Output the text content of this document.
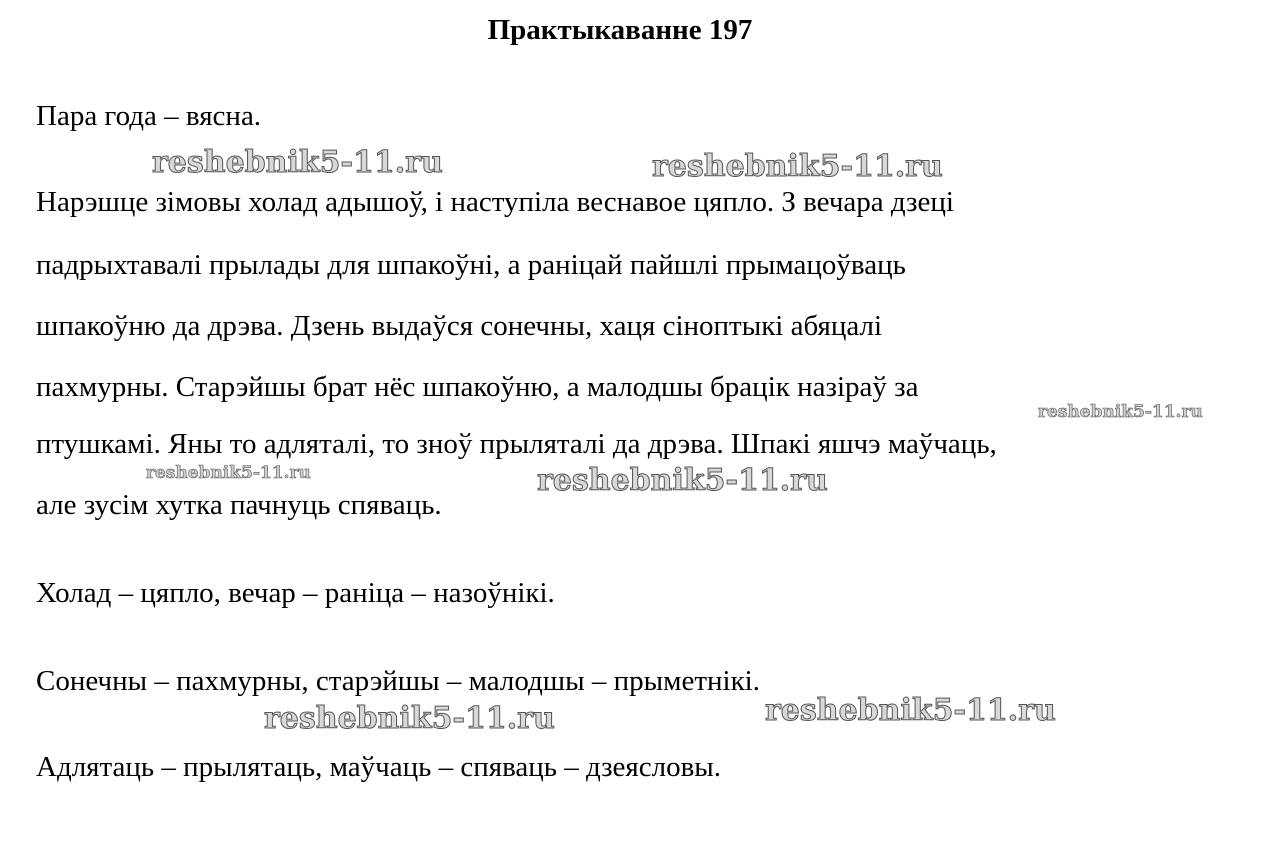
Практыкаванне 197
Пара года – вясна.
Нарэшце зімовы холад адышоў, і наступіла веснавое цяпло. З вечара дзеці
падрыхтавалі прылады для шпакоўні, а раніцай пайшлі прымацоўваць
шпакоўню да дрэва. Дзень выдаўся сонечны, хаця сіноптыкі абяцалі
пахмурны. Старэйшы брат нёс шпакоўню, а малодшы брацік назіраў за
птушкамі. Яны то адляталі, то зноў прыляталі да дрэва. Шпакі яшчэ маўчаць,
але зусім хутка пачнуць спяваць.
Холад – цяпло, вечар – раніца – назоўнікі.
Сонечны – пахмурны, старэйшы – малодшы – прыметнікі.
Адлятаць – прылятаць, маўчаць – спяваць – дзеясловы.
reshebnik5-11.ru	reshebnik5-11.ru
reshebnik5-11.ru
reshebnik5-11.ru	reshebnik5-11.ru
reshebnik5-11.ru	reshebnik5-11.ru
